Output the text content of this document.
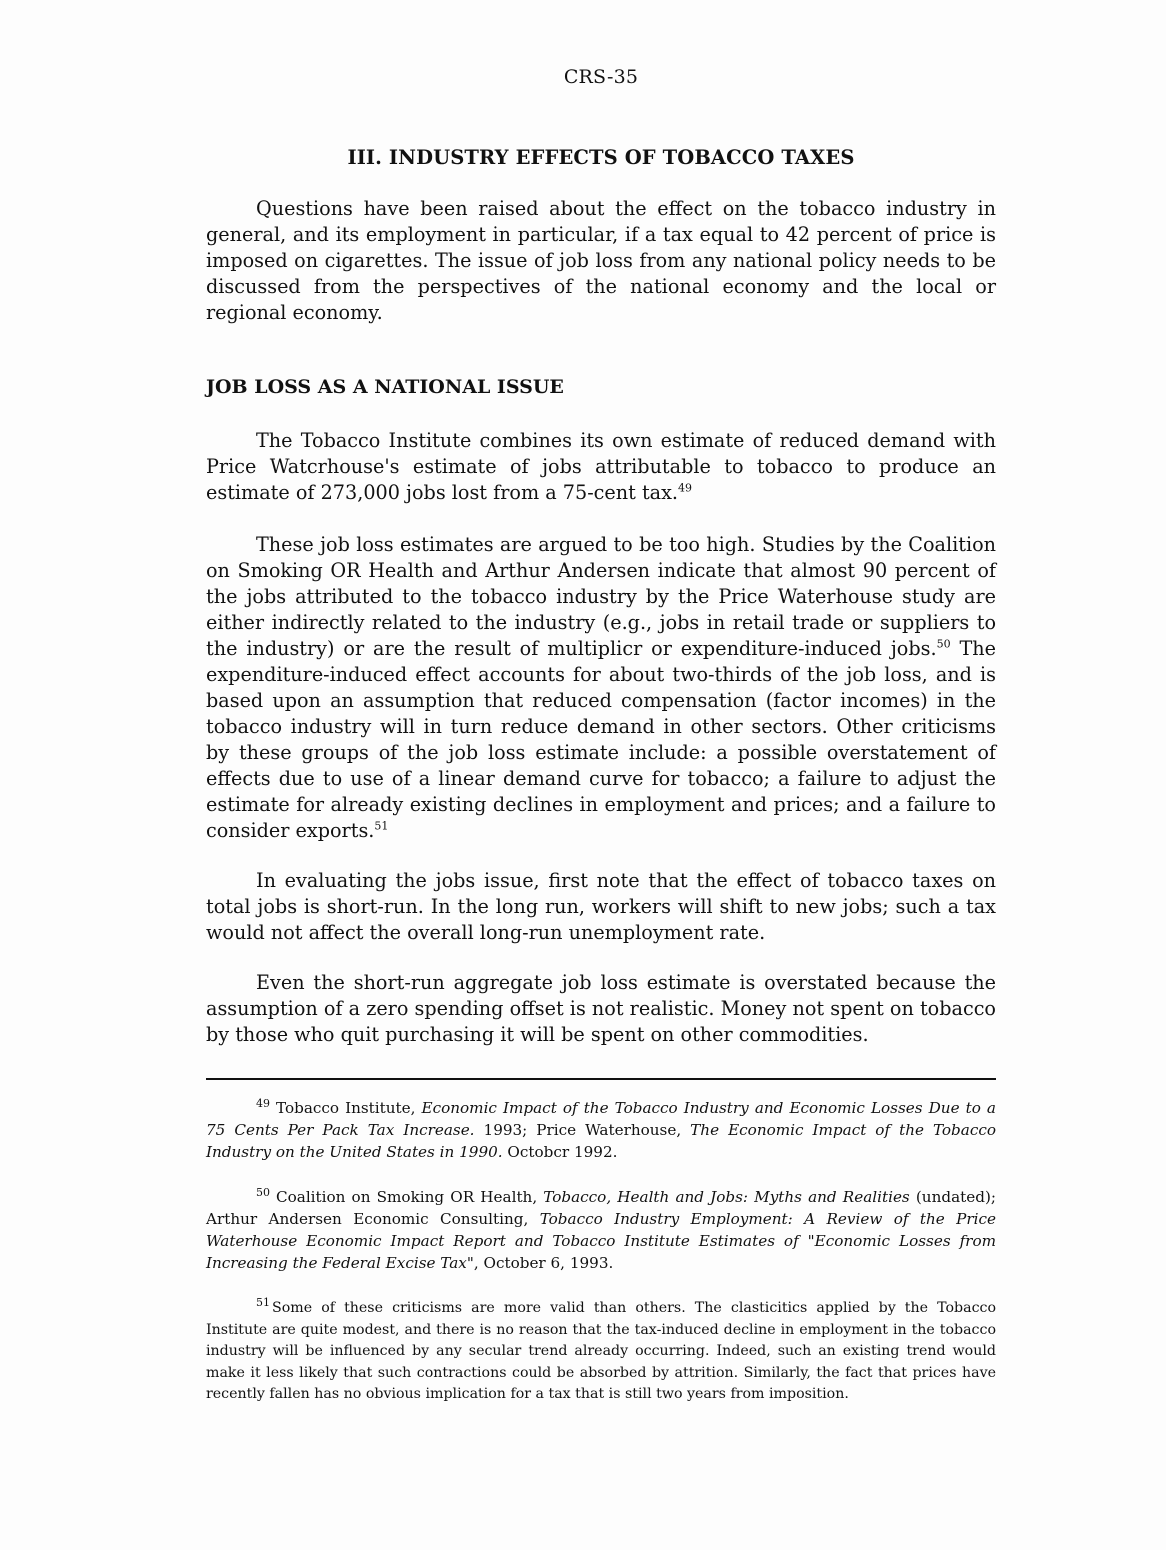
CRS-35
III. INDUSTRY EFFECTS OF TOBACCO TAXES

Questions have been raised about the effect on the tobacco industry in general, and its employment in particular, if a tax equal to 42 percent of price is imposed on cigarettes. The issue of job loss from any national policy needs to be discussed from the perspectives of the national economy and the local or regional economy.

JOB LOSS AS A NATIONAL ISSUE

The Tobacco Institute combines its own estimate of reduced demand with Price Watcrhouse's estimate of jobs attributable to tobacco to produce an estimate of 273,000 jobs lost from a 75-cent tax.$^{49}$

These job loss estimates are argued to be too high. Studies by the Coalition on Smoking OR Health and Arthur Andersen indicate that almost 90 percent of the jobs attributed to the tobacco industry by the Price Waterhouse study are either indirectly related to the industry (e.g., jobs in retail trade or suppliers to the industry) or are the result of multiplicr or expenditure-induced jobs.$^{50}$ The expenditure-induced effect accounts for about two-thirds of the job loss, and is based upon an assumption that reduced compensation (factor incomes) in the tobacco industry will in turn reduce demand in other sectors. Other criticisms by these groups of the job loss estimate include: a possible overstatement of effects due to use of a linear demand curve for tobacco; a failure to adjust the estimate for already existing declines in employment and prices; and a failure to consider exports.$^{51}$

In evaluating the jobs issue, first note that the effect of tobacco taxes on total jobs is short-run. In the long run, workers will shift to new jobs; such a tax would not affect the overall long-run unemployment rate.

Even the short-run aggregate job loss estimate is overstated because the assumption of a zero spending offset is not realistic. Money not spent on tobacco by those who quit purchasing it will be spent on other commodities.

$^{49}$ Tobacco Institute, Economic Impact of the Tobacco Industry and Economic Losses Due to a 75 Cents Per Pack Tax Increase. 1993; Price Waterhouse, The Economic Impact of the Tobacco Industry on the United States in 1990. Octobcr 1992.

$^{50}$ Coalition on Smoking OR Health, Tobacco, Health and Jobs: Myths and Realities (undated); Arthur Andersen Economic Consulting, Tobacco Industry Employment: A Review of the Price Waterhouse Economic Impact Report and Tobacco Institute Estimates of "Economic Losses from Increasing the Federal Excise Tax", October 6, 1993.

$^{51}$ Some of these criticisms are more valid than others. The clasticitics applied by the Tobacco Institute are quite modest, and there is no reason that the tax-induced decline in employment in the tobacco industry will be influenced by any secular trend already occurring. Indeed, such an existing trend would make it less likely that such contractions could be absorbed by attrition. Similarly, the fact that prices have recently fallen has no obvious implication for a tax that is still two years from imposition.
